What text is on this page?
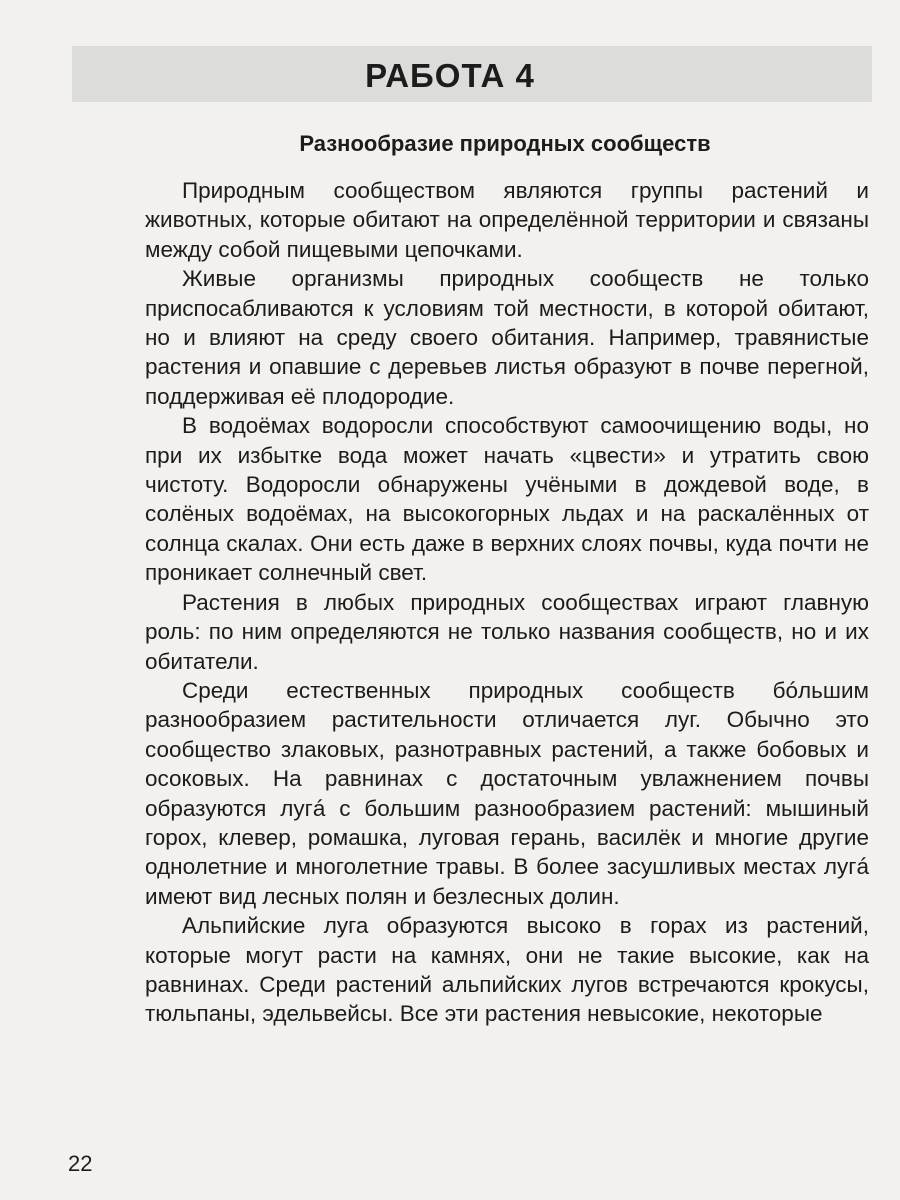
РАБОТА 4
Разнообразие природных сообществ

Природным сообществом являются группы растений и животных, которые обитают на определённой территории и связаны между собой пищевыми цепочками.

Живые организмы природных сообществ не только приспосабливаются к условиям той местности, в которой обитают, но и влияют на среду своего обитания. Например, травянистые растения и опавшие с деревьев листья образуют в почве перегной, поддерживая её плодородие.

В водоёмах водоросли способствуют самоочищению воды, но при их избытке вода может начать «цвести» и утратить свою чистоту. Водоросли обнаружены учёными в дождевой воде, в солёных водоёмах, на высокогорных льдах и на раскалённых от солнца скалах. Они есть даже в верхних слоях почвы, куда почти не проникает солнечный свет.

Растения в любых природных сообществах играют главную роль: по ним определяются не только названия сообществ, но и их обитатели.

Среди естественных природных сообществ бóльшим разнообразием растительности отличается луг. Обычно это сообщество злаковых, разнотравных растений, а также бобовых и осоковых. На равнинах с достаточным увлажнением почвы образуются лугá с большим разнообразием растений: мышиный горох, клевер, ромашка, луговая герань, василёк и многие другие однолетние и многолетние травы. В более засушливых местах лугá имеют вид лесных полян и безлесных долин.

Альпийские луга образуются высоко в горах из растений, которые могут расти на камнях, они не такие высокие, как на равнинах. Среди растений альпийских лугов встречаются крокусы, тюльпаны, эдельвейсы. Все эти растения невысокие, некоторые

22
